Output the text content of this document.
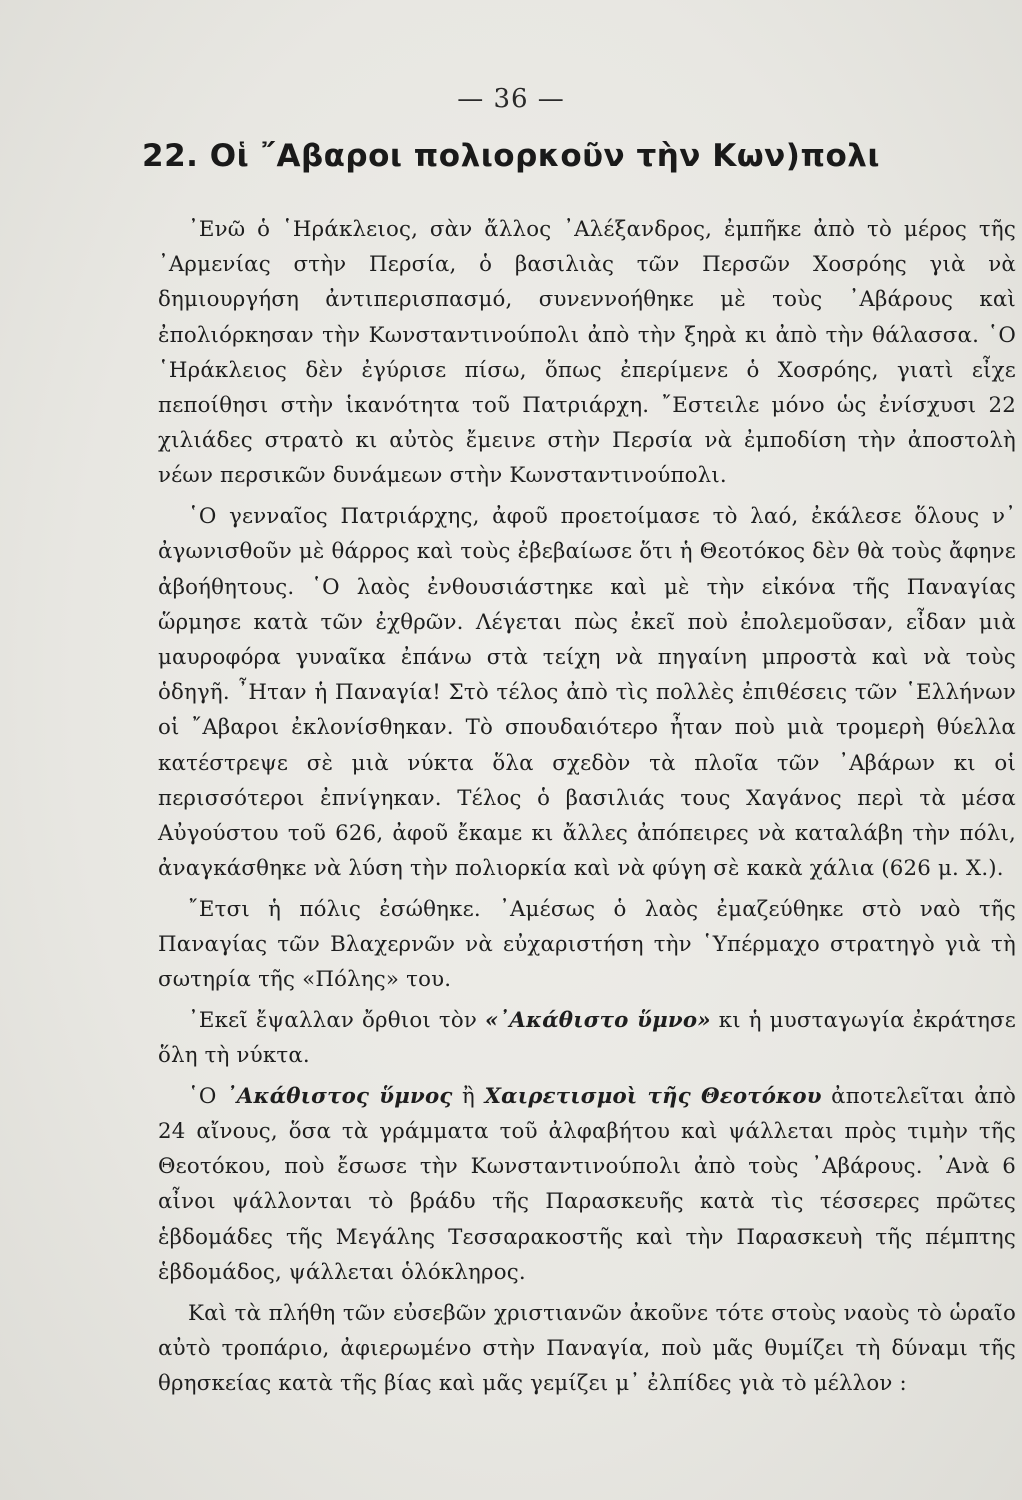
— 36 —
22. Οἱ ῎Αβαροι πολιορκοῦν τὴν Κων)πολι

᾿Ενῶ ὁ ῾Ηράκλειος, σὰν ἄλλος ᾿Αλέξανδρος, ἐμπῆκε ἀπὸ τὸ μέρος τῆς ᾿Αρμενίας στὴν Περσία, ὁ βασιλιὰς τῶν Περσῶν Χοσρόης γιὰ νὰ δημιουργήση ἀντιπερισπασμό, συνεννοήθηκε μὲ τοὺς ᾿Αβάρους καὶ ἐπολιόρκησαν τὴν Κωνσταντινούπολι ἀπὸ τὴν ξηρὰ κι ἀπὸ τὴν θάλασσα. ῾Ο ῾Ηράκλειος δὲν ἐγύρισε πίσω, ὅπως ἐπερίμενε ὁ Χοσρόης, γιατὶ εἶχε πεποίθησι στὴν ἱκανότητα τοῦ Πατριάρχη. ῎Εστειλε μόνο ὡς ἐνίσχυσι 22 χιλιάδες στρατὸ κι αὐτὸς ἔμεινε στὴν Περσία νὰ ἐμποδίση τὴν ἀποστολὴ νέων περσικῶν δυνάμεων στὴν Κωνσταντινούπολι.

῾Ο γενναῖος Πατριάρχης, ἀφοῦ προετοίμασε τὸ λαό, ἐκάλεσε ὅλους ν᾿ ἀγωνισθοῦν μὲ θάρρος καὶ τοὺς ἐβεβαίωσε ὅτι ἡ Θεοτόκος δὲν θὰ τοὺς ἄφηνε ἀβοήθητους. ῾Ο λαὸς ἐνθουσιάστηκε καὶ μὲ τὴν εἰκόνα τῆς Παναγίας ὥρμησε κατὰ τῶν ἐχθρῶν. Λέγεται πὼς ἐκεῖ ποὺ ἐπολεμοῦσαν, εἶδαν μιὰ μαυροφόρα γυναῖκα ἐπάνω στὰ τείχη νὰ πηγαίνη μπροστὰ καὶ νὰ τοὺς ὁδηγῆ. ῏Ηταν ἡ Παναγία! Στὸ τέλος ἀπὸ τὶς πολλὲς ἐπιθέσεις τῶν ῾Ελλήνων οἱ ῎Αβαροι ἐκλονίσθηκαν. Τὸ σπουδαιότερο ἦταν ποὺ μιὰ τρομερὴ θύελλα κατέστρεψε σὲ μιὰ νύκτα ὅλα σχεδὸν τὰ πλοῖα τῶν ᾿Αβάρων κι οἱ περισσότεροι ἐπνίγηκαν. Τέλος ὁ βασιλιάς τους Χαγάνος περὶ τὰ μέσα Αὐγούστου τοῦ 626, ἀφοῦ ἔκαμε κι ἄλλες ἀπόπειρες νὰ καταλάβη τὴν πόλι, ἀναγκάσθηκε νὰ λύση τὴν πολιορκία καὶ νὰ φύγη σὲ κακὰ χάλια (626 μ. Χ.).

῎Ετσι ἡ πόλις ἐσώθηκε. ᾿Αμέσως ὁ λαὸς ἐμαζεύθηκε στὸ ναὸ τῆς Παναγίας τῶν Βλαχερνῶν νὰ εὐχαριστήση τὴν ῾Υπέρμαχο στρατηγὸ γιὰ τὴ σωτηρία τῆς «Πόλης» του.

᾿Εκεῖ ἔψαλλαν ὄρθιοι τὸν «᾿Ακάθιστο ὕμνο» κι ἡ μυσταγωγία ἐκράτησε ὅλη τὴ νύκτα.

῾Ο ᾿Ακάθιστος ὕμνος ἢ Χαιρετισμοὶ τῆς Θεοτόκου ἀποτελεῖται ἀπὸ 24 αἴνους, ὅσα τὰ γράμματα τοῦ ἀλφαβήτου καὶ ψάλλεται πρὸς τιμὴν τῆς Θεοτόκου, ποὺ ἔσωσε τὴν Κωνσταντινούπολι ἀπὸ τοὺς ᾿Αβάρους. ᾿Ανὰ 6 αἶνοι ψάλλονται τὸ βράδυ τῆς Παρασκευῆς κατὰ τὶς τέσσερες πρῶτες ἑβδομάδες τῆς Μεγάλης Τεσσαρακοστῆς καὶ τὴν Παρασκευὴ τῆς πέμπτης ἑβδομάδος, ψάλλεται ὁλόκληρος.

Καὶ τὰ πλήθη τῶν εὐσεβῶν χριστιανῶν ἀκοῦνε τότε στοὺς ναοὺς τὸ ὡραῖο αὐτὸ τροπάριο, ἀφιερωμένο στὴν Παναγία, ποὺ μᾶς θυμίζει τὴ δύναμι τῆς θρησκείας κατὰ τῆς βίας καὶ μᾶς γεμίζει μ᾿ ἐλπίδες γιὰ τὸ μέλλον :
